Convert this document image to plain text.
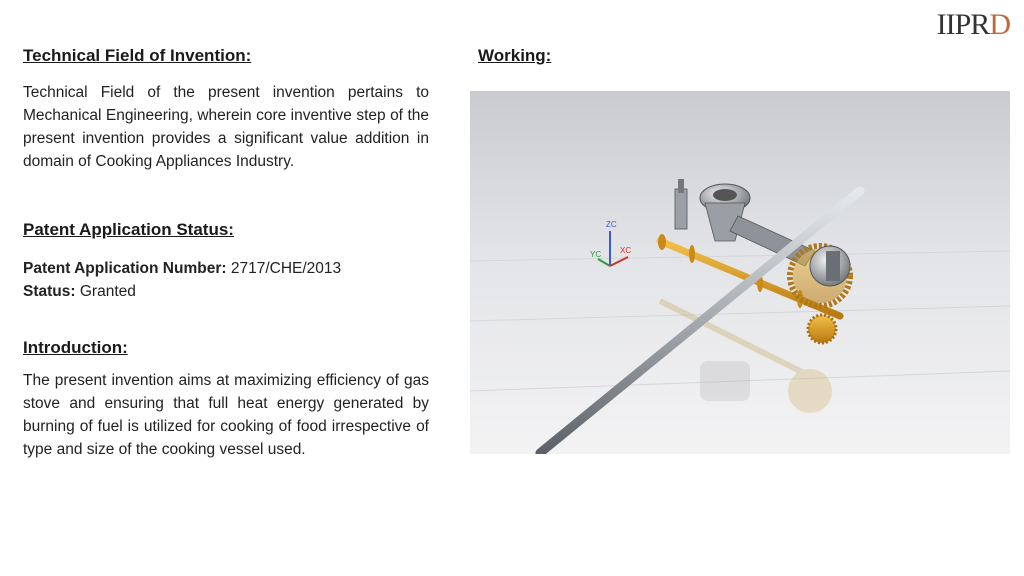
IIPR D
Technical Field of Invention:

Technical Field of the present invention pertains to Mechanical Engineering, wherein core inventive step of the present invention provides a significant value addition in domain of Cooking Appliances Industry.

Patent Application Status:
Patent Application Number: 2717/CHE/2013
Status: Granted
Introduction:

The present invention aims at maximizing efficiency of gas stove and ensuring that full heat energy generated by burning of fuel is utilized for cooking of food irrespective of type and size of the cooking vessel used.

Working:
ZC
XC
YC
